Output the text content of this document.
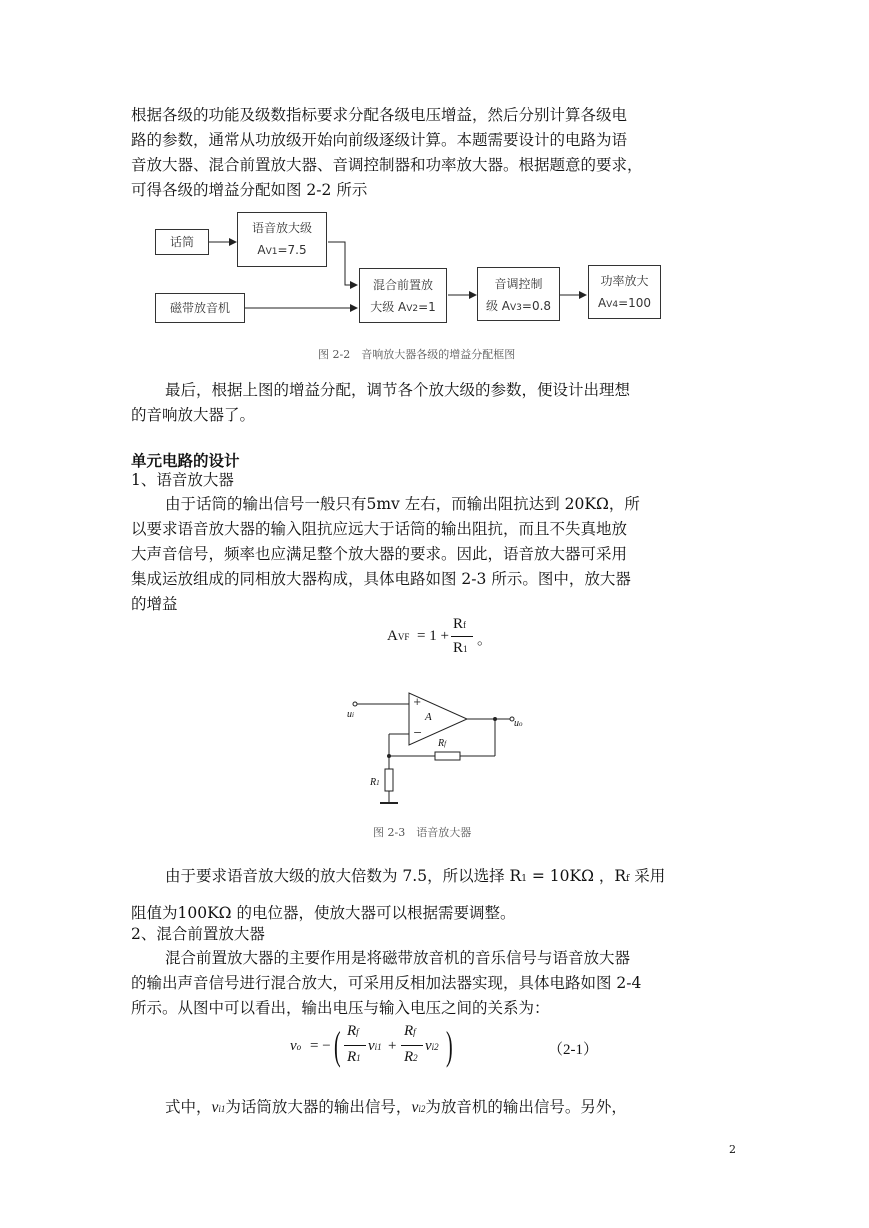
根据各级的功能及级数指标要求分配各级电压增益，然后分别计算各级电
路的参数，通常从功放级开始向前级逐级计算。本题需要设计的电路为语
音放大器、混合前置放大器、音调控制器和功率放大器。根据题意的要求，
可得各级的增益分配如图 2-2 所示
话筒
语音放大级
AV1=7.5
磁带放音机
混合前置放
大级 AV2=1
音调控制
级 AV3=0.8
功率放大
AV4=100
图 2-2　音响放大器各级的增益分配框图
最后，根据上图的增益分配，调节各个放大级的参数，便设计出理想
的音响放大器了。
单元电路的设计
1、语音放大器
由于话筒的输出信号一般只有5mv 左右，而输出阻抗达到 20KΩ，所
以要求语音放大器的输入阻抗应远大于话筒的输出阻抗，而且不失真地放
大声音信号，频率也应满足整个放大器的要求。因此，语音放大器可采用
集成运放组成的同相放大器构成，具体电路如图 2-3 所示。图中，放大器
的增益
AVF = 1 +
Rf
R1
。
ui
uo
+
−
A
Rf
R1
图 2-3　语音放大器
由于要求语音放大级的放大倍数为 7.5，所以选择 R1 = 10KΩ ，Rf 采用
阻值为100KΩ 的电位器，使放大器可以根据需要调整。
2、混合前置放大器
混合前置放大器的主要作用是将磁带放音机的音乐信号与语音放大器
的输出声音信号进行混合放大，可采用反相加法器实现，具体电路如图 2-4
所示。从图中可以看出，输出电压与输入电压之间的关系为：
vo = − ( Rf
R1
vi1 +
Rf
R2
vi2 )	（2-1）
式中，vi1为话筒放大器的输出信号，vi2为放音机的输出信号。另外，
2
